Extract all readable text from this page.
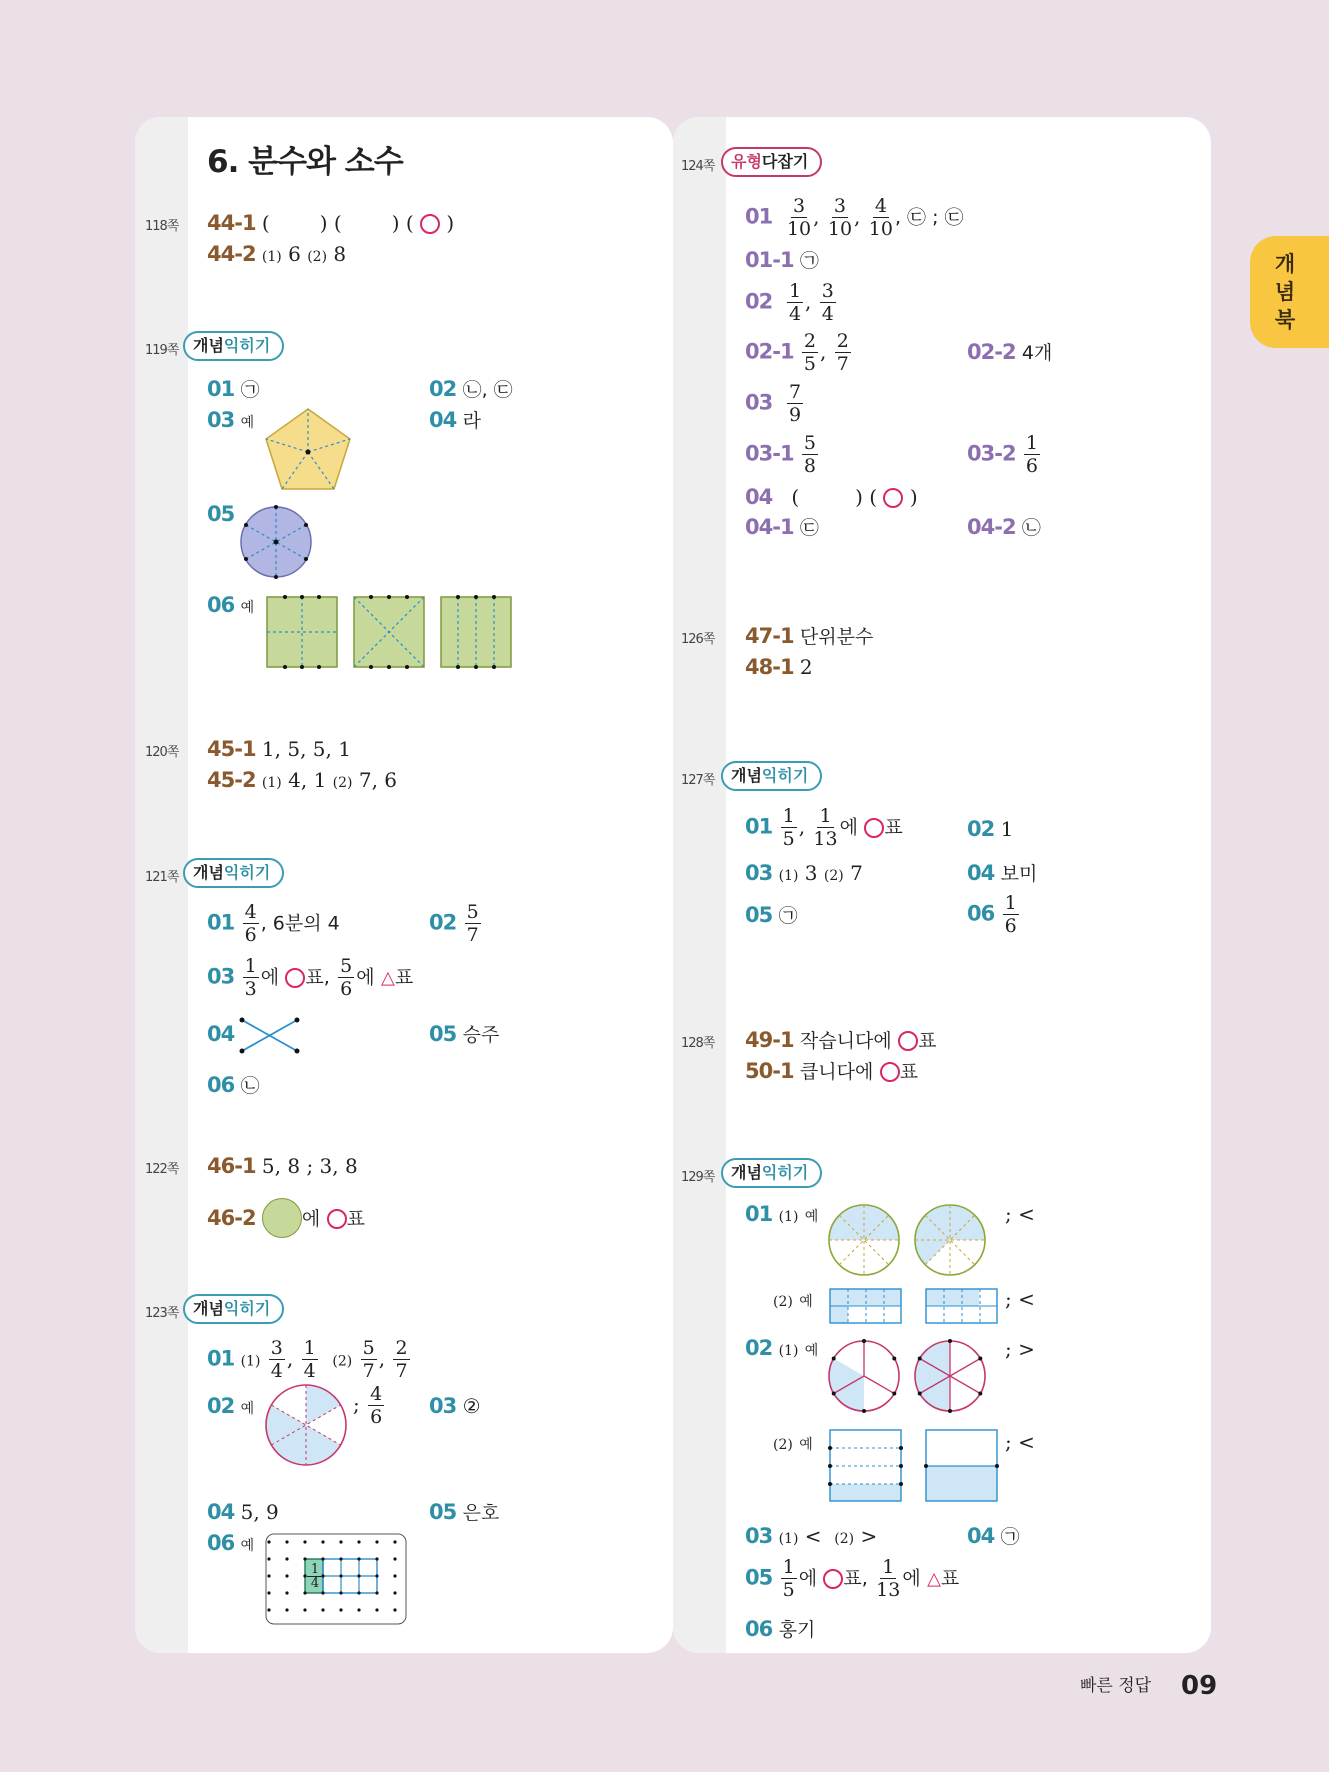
개념북
6. 분수와 소수
118쪽 44-1 (	) (	) ( ○ )
44-2 (1) 6 (2) 8
119쪽 개념익히기
01 ㉠	02 ㉡, ㉢
03 예	04 라
05
06 예
120쪽 45-1 1, 5, 5, 1
45-2 (1) 4, 1 (2) 7, 6
121쪽 개념익히기
$01 \frac{4}{6}$ , 6분의 4	$02 \frac{5}{7}$
$03 \frac{1}{3}$ 에 ○표, $\frac{5}{6}$ 에 △표
04	05 승주
06 ㉡
122쪽 46-1 5, 8 ; 3, 8
46-2 에 ○표
123쪽 개념익히기
01 $(1) \frac{3}{4}$ , $\frac{1}{4} (2) \frac{5}{7}$ , $\frac{2}{7}$
02 예	; $\frac{4}{6} 03$ ②
04 5, 9	05 은호
06 예
$\frac{1}{4}$
124쪽	유형다잡기
$01 \frac{3}{10}$ , $\frac{3}{10}$ , $\frac{4}{10}$ , ㉢ ; ㉢
01-1 ㉠
$02 \frac{1}{4}$ , $\frac{3}{4}$
$02-1 \frac{2}{5}$ , $\frac{2}{7}$	02-2 4개
$03 \frac{7}{9}$
$03-1 \frac{5}{8}$	$03-2 \frac{1}{6}$
04 (	) ( ○ )
04-1 ㉢	04-2 ㉡
126쪽 47-1 단위분수
48-1 2
127쪽	개념익히기
$01 \frac{1}{5}$ , $\frac{1}{13}$ 에 ○표	02 1
03 (1) 3 (2) 7	04 보미
05 ㉠	$06 \frac{1}{6}$
128쪽 49-1 작습니다에 ○표
50-1 큽니다에 ○표
129쪽	개념익히기
01 (1) 예	; <
(2) 예	; <
02 (1) 예	; >
(2) 예	; <
03 (1) < (2) >	04 ㉠
$05 \frac{1}{5}$ 에 ○표, $\frac{1}{13}$ 에 △표
06 홍기
빠른 정답 09
